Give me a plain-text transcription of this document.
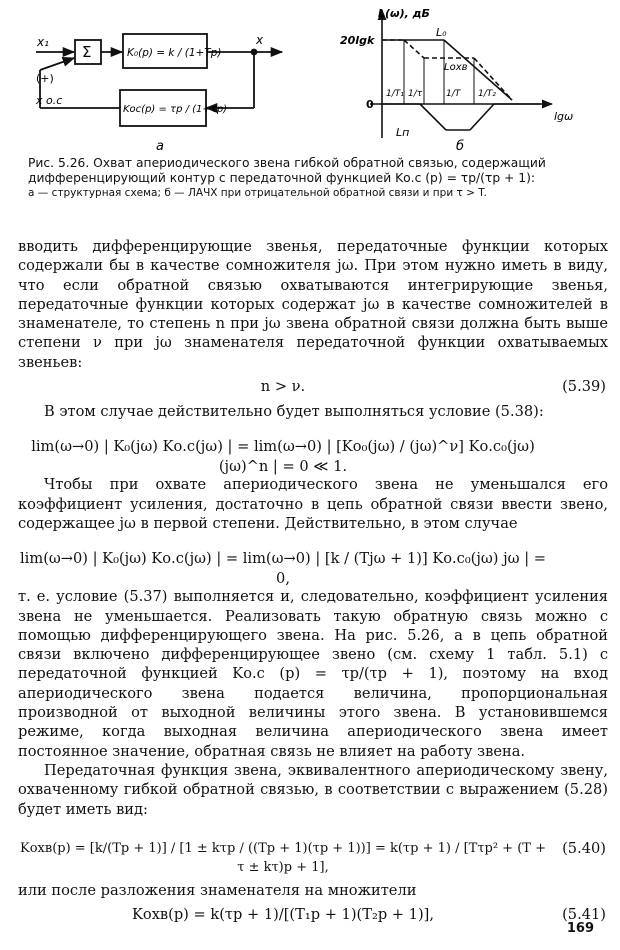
x₁
Σ
(+)
x o.c
x
K₀(p) = k / (1+Tp)
Kос(p) = τp / (1+τp)
а
L(ω), дБ
20lgk
0
lgω
L₀
Lохв
Lп
1/T₁ 1/τ	1/T 1/T₂
б
Рис. 5.26. Охват апериодического звена гибкой обратной связью, содержащий дифференцирующий контур с передаточной функцией Kо.с (p) = τp/(τp + 1):
а — структурная схема; б — ЛАЧХ при отрицательной обратной связи и при τ > T.

вводить дифференцирующие звенья, передаточные функции которых содержали бы в качестве сомножителя jω. При этом нужно иметь в виду, что если обратной связью охватываются интегрирующие звенья, передаточные функции которых содержат jω в качестве сомножителей в знаменателе, то степень n при jω звена обратной связи должна быть выше степени ν при jω знаменателя передаточной функции охватываемых звеньев:

n > ν.	(5.39)

В этом случае действительно будет выполняться условие (5.38):

lim(ω→0) | K₀(jω) Kо.с(jω) | = lim(ω→0) | [Kо₀(jω) / (jω)^ν] Kо.с₀(jω) (jω)^n | = 0 ≪ 1.

Чтобы при охвате апериодического звена не уменьшался его коэффициент усиления, достаточно в цепь обратной связи ввести звено, содержащее jω в первой степени. Действительно, в этом случае

lim(ω→0) | K₀(jω) Kо.с(jω) | = lim(ω→0) | [k / (Tjω + 1)] Kо.с₀(jω) jω | = 0,

т. е. условие (5.37) выполняется и, следовательно, коэффициент усиления звена не уменьшается. Реализовать такую обратную связь можно с помощью дифференцирующего звена. На рис. 5.26, а в цепь обратной связи включено дифференцирующее звено (см. схему 1 табл. 5.1) с передаточной функцией Kо.с (p) = τp/(τp + 1), поэтому на вход апериодического звена подается величина, пропорциональная производной от выходной величины этого звена. В установившемся режиме, когда выходная величина апериодического звена имеет постоянное значение, обратная связь не влияет на работу звена.

Передаточная функция звена, эквивалентного апериодическому звену, охваченному гибкой обратной связью, в соответствии с выражением (5.28) будет иметь вид:

Kохв(p) = [k/(Tp + 1)] / [1 ± kτp / ((Tp + 1)(τp + 1))] = k(τp + 1) / [Tτp² + (T + τ ± kτ)p + 1],
(5.40)

или после разложения знаменателя на множители

Kохв(p) = k(τp + 1)/[(T₁p + 1)(T₂p + 1)],	(5.41)
169
